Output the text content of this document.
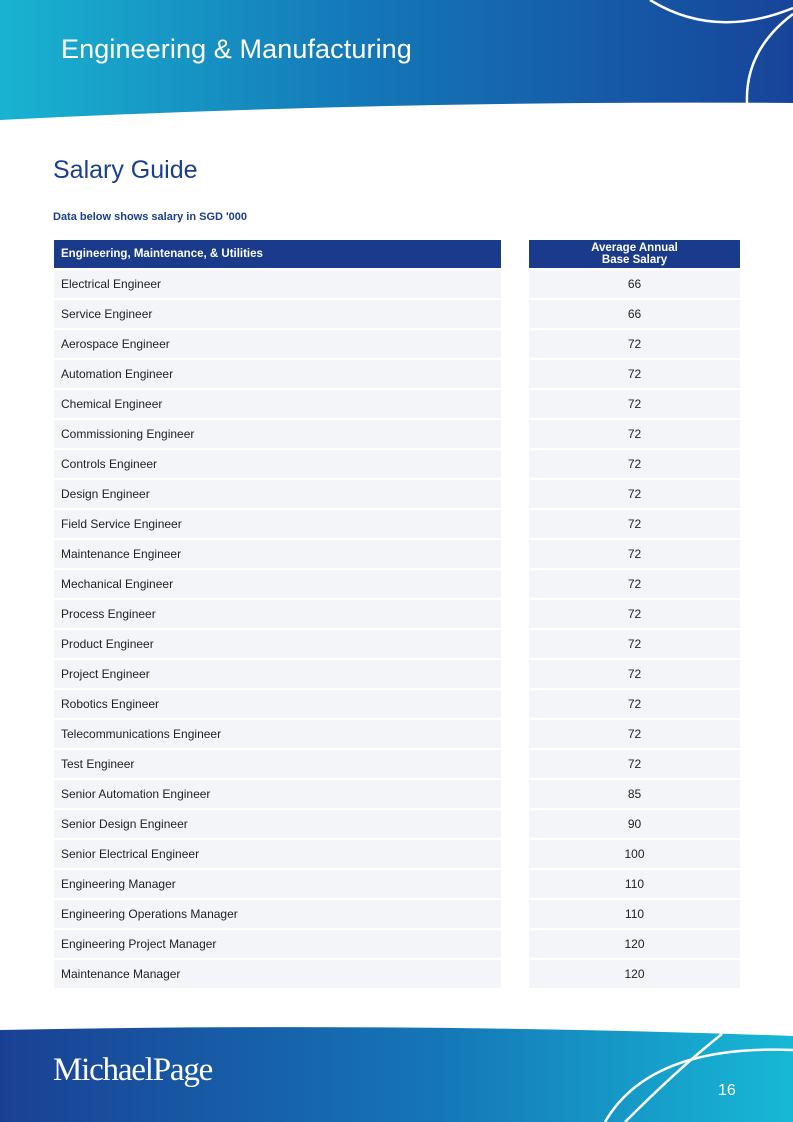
Engineering & Manufacturing
Salary Guide
Data below shows salary in SGD '000
Engineering, Maintenance, & Utilities
Electrical Engineer
Service Engineer
Aerospace Engineer
Automation Engineer
Chemical Engineer
Commissioning Engineer
Controls Engineer
Design Engineer
Field Service Engineer
Maintenance Engineer
Mechanical Engineer
Process Engineer
Product Engineer
Project Engineer
Robotics Engineer
Telecommunications Engineer
Test Engineer
Senior Automation Engineer
Senior Design Engineer
Senior Electrical Engineer
Engineering Manager
Engineering Operations Manager
Engineering Project Manager
Maintenance Manager
Average Annual
Base Salary
66
66
72
72
72
72
72
72
72
72
72
72
72
72
72
72
72
85
90
100
110
110
120
120
MichaelPage
16
